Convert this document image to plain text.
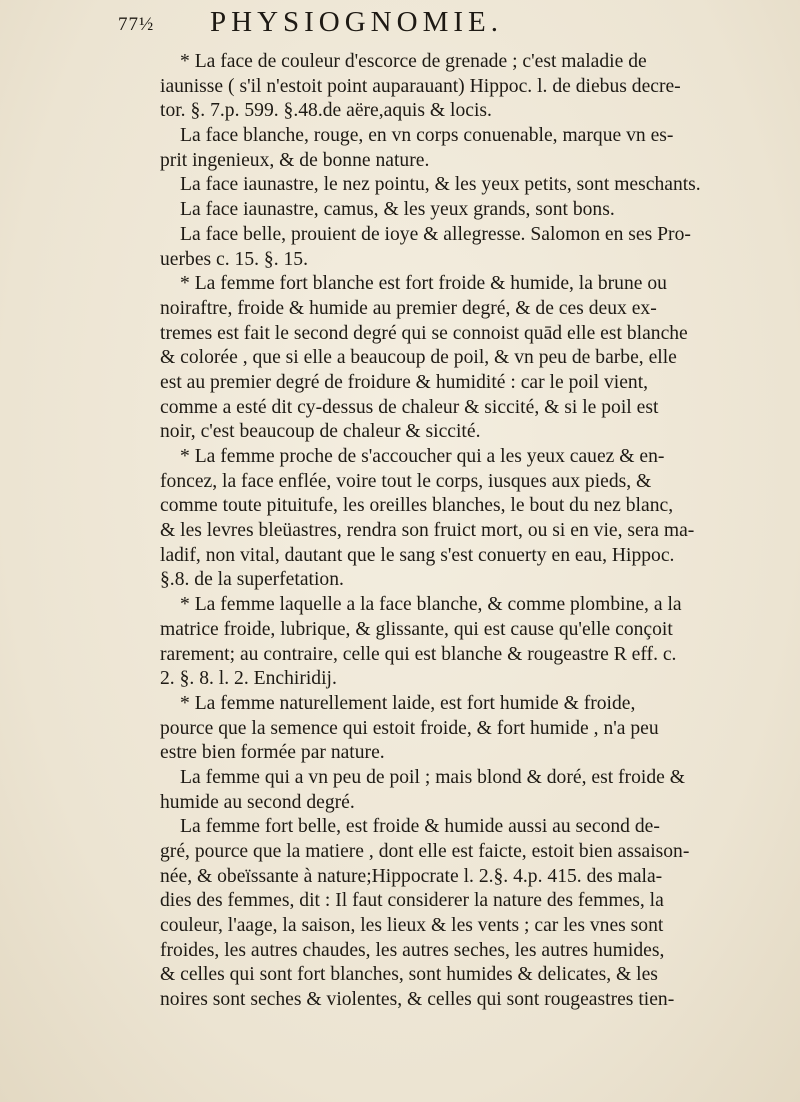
77½ PHYSIOGNOMIE.
* La face de couleur d'escorce de grenade ; c'est maladie de
iaunisse ( s'il n'estoit point auparauant) Hippoc. l. de diebus decre-
tor. §. 7.p. 599. §.48.de aëre,aquis & locis.
La face blanche, rouge, en vn corps conuenable, marque vn es-
prit ingenieux, & de bonne nature.
La face iaunastre, le nez pointu, & les yeux petits, sont meschants.
La face iaunastre, camus, & les yeux grands, sont bons.
La face belle, prouient de ioye & allegresse. Salomon en ses Pro-
uerbes c. 15. §. 15.
* La femme fort blanche est fort froide & humide, la brune ou
noiraftre, froide & humide au premier degré, & de ces deux ex-
tremes est fait le second degré qui se connoist quād elle est blanche
& colorée , que si elle a beaucoup de poil, & vn peu de barbe, elle
est au premier degré de froidure & humidité : car le poil vient,
comme a esté dit cy-dessus de chaleur & siccité, & si le poil est
noir, c'est beaucoup de chaleur & siccité.
* La femme proche de s'accoucher qui a les yeux cauez & en-
foncez, la face enflée, voire tout le corps, iusques aux pieds, &
comme toute pituitufe, les oreilles blanches, le bout du nez blanc,
& les levres bleüastres, rendra son fruict mort, ou si en vie, sera ma-
ladif, non vital, dautant que le sang s'est conuerty en eau, Hippoc.
§.8. de la superfetation.
* La femme laquelle a la face blanche, & comme plombine, a la
matrice froide, lubrique, & glissante, qui est cause qu'elle conçoit
rarement; au contraire, celle qui est blanche & rougeastre R eff. c.
2. §. 8. l. 2. Enchiridij.
* La femme naturellement laide, est fort humide & froide,
pource que la semence qui estoit froide, & fort humide , n'a peu
estre bien formée par nature.
La femme qui a vn peu de poil ; mais blond & doré, est froide &
humide au second degré.
La femme fort belle, est froide & humide aussi au second de-
gré, pource que la matiere , dont elle est faicte, estoit bien assaison-
née, & obeïssante à nature;Hippocrate l. 2.§. 4.p. 415. des mala-
dies des femmes, dit : Il faut considerer la nature des femmes, la
couleur, l'aage, la saison, les lieux & les vents ; car les vnes sont
froides, les autres chaudes, les autres seches, les autres humides,
& celles qui sont fort blanches, sont humides & delicates, & les
noires sont seches & violentes, & celles qui sont rougeastres tien-
